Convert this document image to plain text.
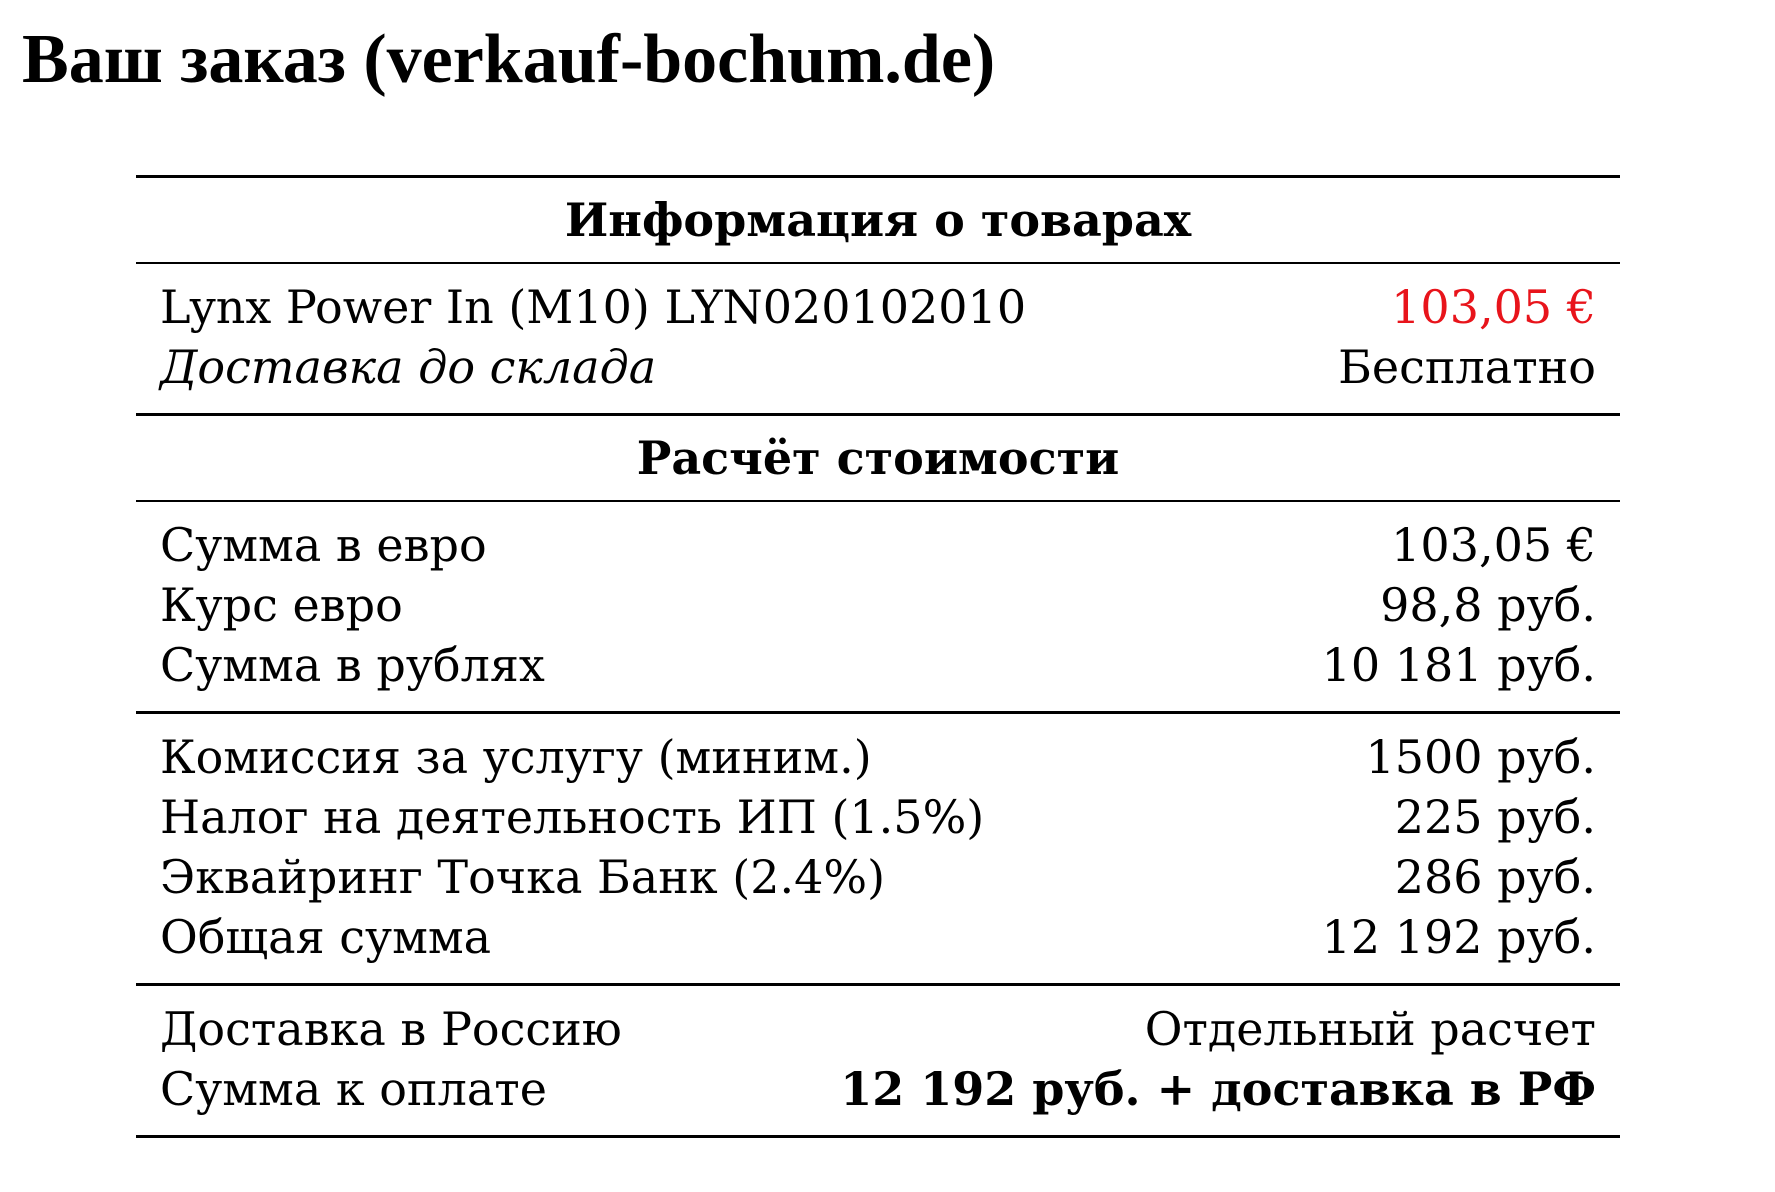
Ваш заказ (verkauf-bochum.de)
Информация о товарах
Lynx Power In (M10) LYN020102010	103,05 €
Доставка до склада	Бесплатно
Расчёт стоимости
Сумма в евро	103,05 €
Курс евро	98,8 руб.
Сумма в рублях	10 181 руб.
Комиссия за услугу (миним.)	1500 руб.
Налог на деятельность ИП (1.5%)	225 руб.
Эквайринг Точка Банк (2.4%)	286 руб.
Общая сумма	12 192 руб.
Доставка в Россию	Отдельный расчет
Сумма к оплате	12 192 руб. + доставка в РФ
